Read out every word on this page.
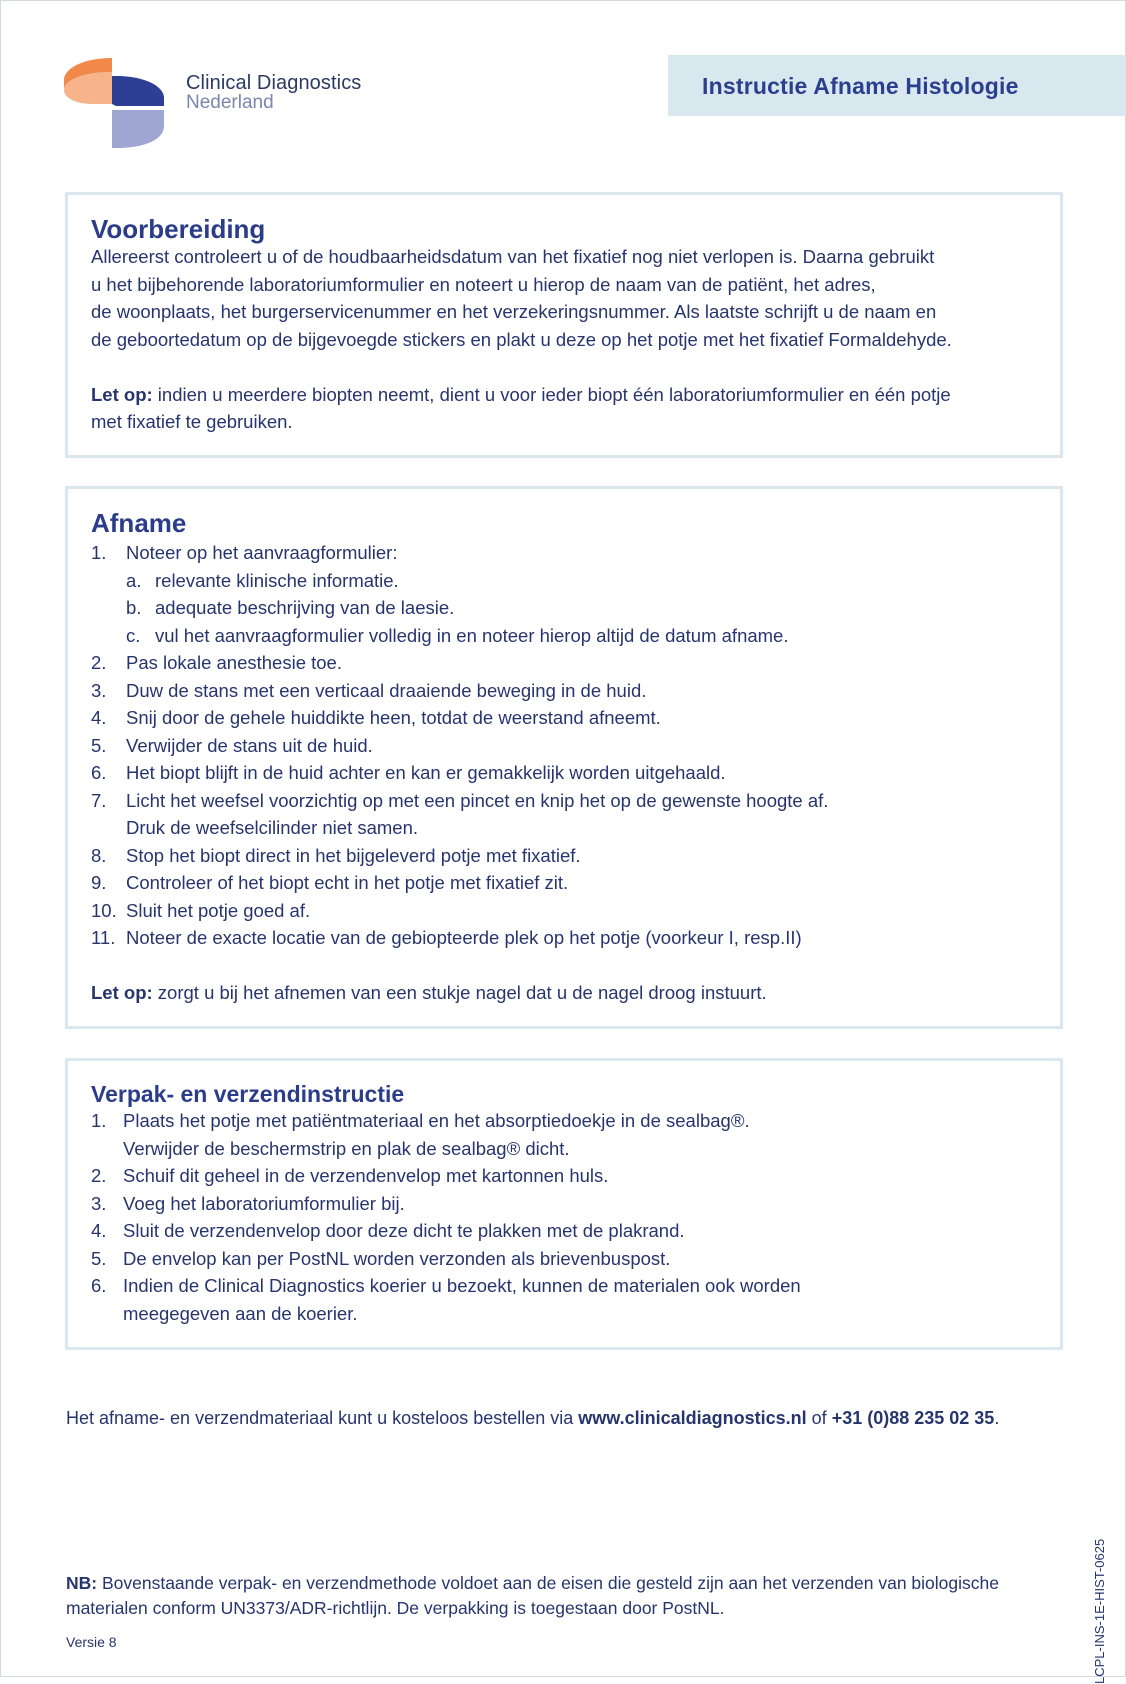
Clinical Diagnostics
Nederland
Instructie Afname Histologie
Voorbereiding

Allereerst controleert u of de houdbaarheidsdatum van het fixatief nog niet verlopen is. Daarna gebruikt
u het bijbehorende laboratoriumformulier en noteert u hierop de naam van de patiënt, het adres,
de woonplaats, het burgerservicenummer en het verzekeringsnummer. Als laatste schrijft u de naam en
de geboortedatum op de bijgevoegde stickers en plakt u deze op het potje met het fixatief Formaldehyde.

Let op: indien u meerdere biopten neemt, dient u voor ieder biopt één laboratoriumformulier en één potje
met fixatief te gebruiken.

Afname
1. Noteer op het aanvraagformulier:
a. relevante klinische informatie.
b. adequate beschrijving van de laesie.
c. vul het aanvraagformulier volledig in en noteer hierop altijd de datum afname.
2. Pas lokale anesthesie toe.
3. Duw de stans met een verticaal draaiende beweging in de huid.
4. Snij door de gehele huiddikte heen, totdat de weerstand afneemt.
5. Verwijder de stans uit de huid.
6. Het biopt blijft in de huid achter en kan er gemakkelijk worden uitgehaald.
7. Licht het weefsel voorzichtig op met een pincet en knip het op de gewenste hoogte af.
Druk de weefselcilinder niet samen.
8. Stop het biopt direct in het bijgeleverd potje met fixatief.
9. Controleer of het biopt echt in het potje met fixatief zit.
10. Sluit het potje goed af.
11. Noteer de exacte locatie van de gebiopteerde plek op het potje (voorkeur I, resp.II)

Let op: zorgt u bij het afnemen van een stukje nagel dat u de nagel droog instuurt.

Verpak- en verzendinstructie
1. Plaats het potje met patiëntmateriaal en het absorptiedoekje in de sealbag®.
Verwijder de beschermstrip en plak de sealbag® dicht.
2. Schuif dit geheel in de verzendenvelop met kartonnen huls.
3. Voeg het laboratoriumformulier bij.
4. Sluit de verzendenvelop door deze dicht te plakken met de plakrand.
5. De envelop kan per PostNL worden verzonden als brievenbuspost.
6. Indien de Clinical Diagnostics koerier u bezoekt, kunnen de materialen ook worden
meegegeven aan de koerier.
Het afname- en verzendmateriaal kunt u kosteloos bestellen via www.clinicaldiagnostics.nl of +31 (0)88 235 02 35.
NB: Bovenstaande verpak- en verzendmethode voldoet aan de eisen die gesteld zijn aan het verzenden van biologische materialen conform UN3373/ADR-richtlijn. De verpakking is toegestaan door PostNL.
Versie 8	LCPL-INS-1E-HIST-0625
